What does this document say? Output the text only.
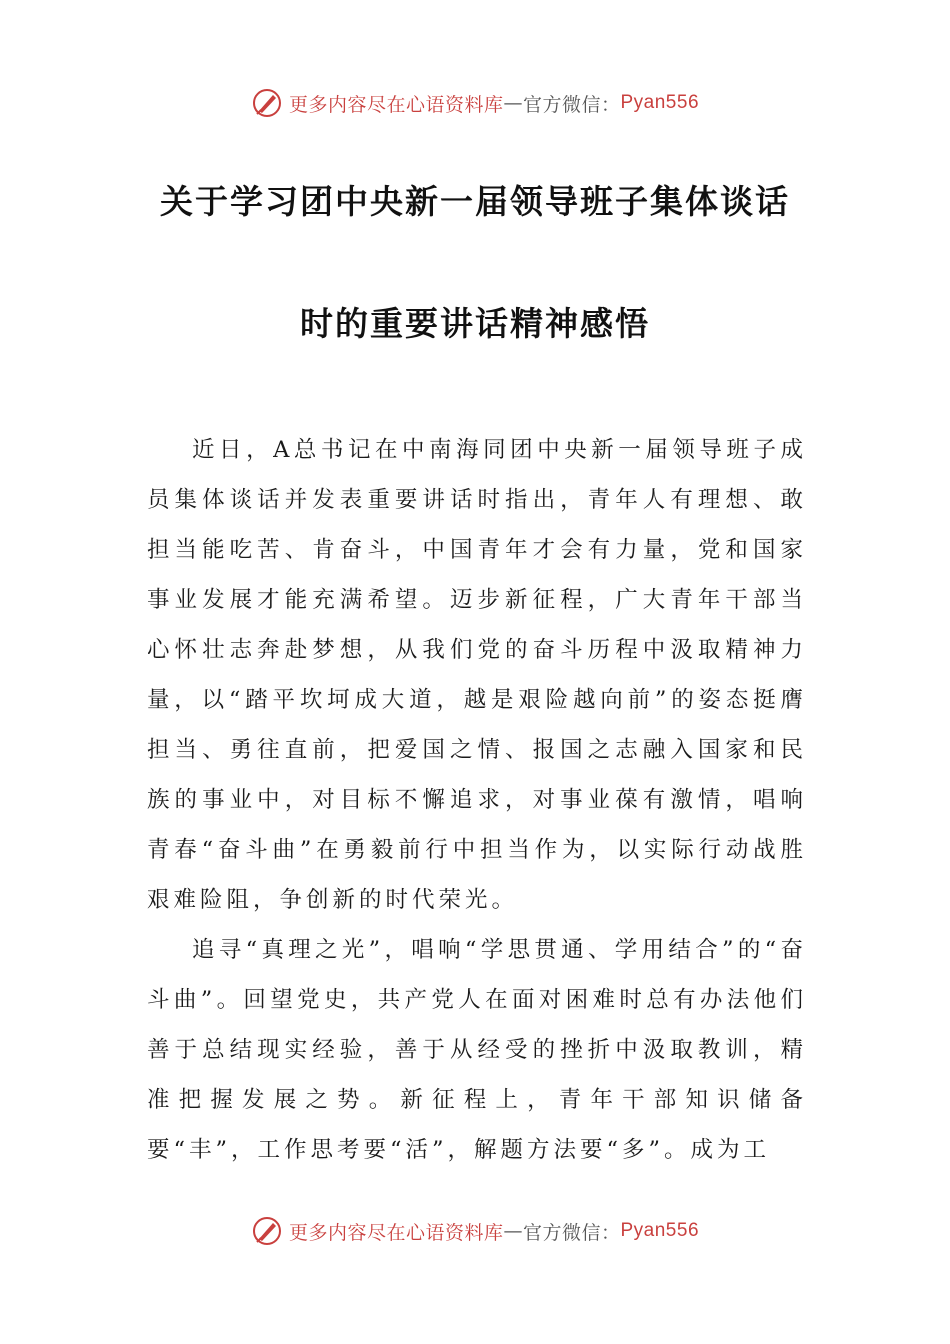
更多内容尽在心语资料库 — 官方微信： Pyan556
关于学习团中央新一届领导班子集体谈话
时的重要讲话精神感悟

近日，A总书记在中南海同团中央新一届领导班子成员集体谈话并发表重要讲话时指出，青年人有理想、敢担当能吃苦、肯奋斗，中国青年才会有力量，党和国家事业发展才能充满希望。迈步新征程，广大青年干部当心怀壮志奔赴梦想，从我们党的奋斗历程中汲取精神力量，以“踏平坎坷成大道，越是艰险越向前”的姿态挺膺担当、勇往直前，把爱国之情、报国之志融入国家和民族的事业中，对目标不懈追求，对事业葆有激情，唱响青春“奋斗曲”在勇毅前行中担当作为，以实际行动战胜艰难险阻，争创新的时代荣光。

追寻“真理之光”，唱响“学思贯通、学用结合”的“奋斗曲”。回望党史，共产党人在面对困难时总有办法他们善于总结现实经验，善于从经受的挫折中汲取教训，精准把握发展之势。新征程上，青年干部知识储备要“丰”，工作思考要“活”，解题方法要“多”。成为工

更多内容尽在心语资料库 — 官方微信： Pyan556
